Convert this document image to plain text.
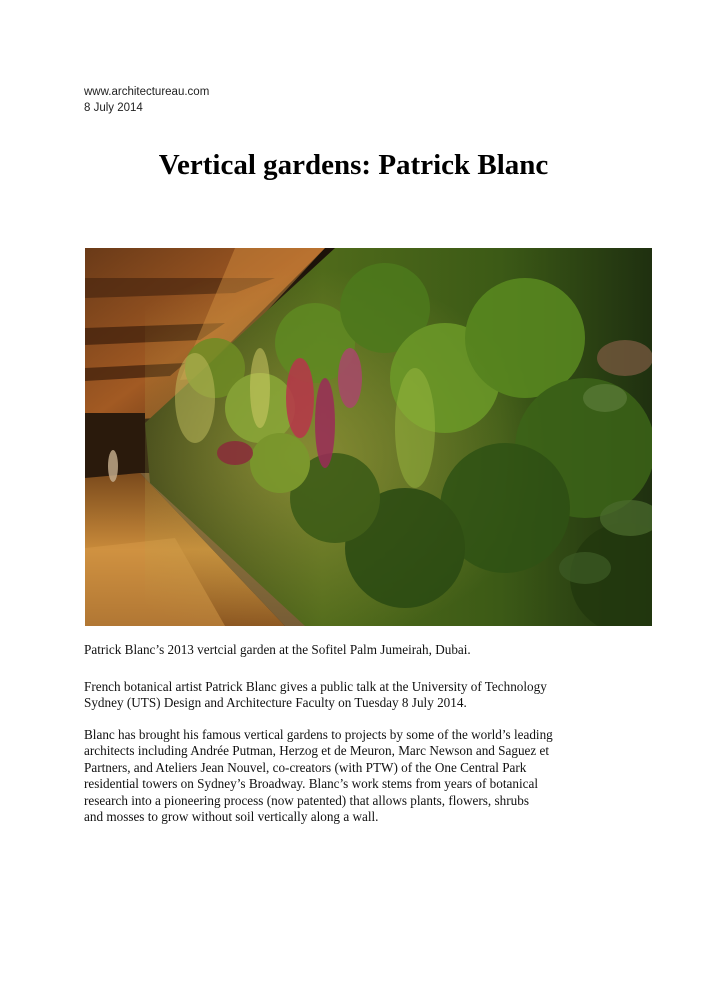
www.architectureau.com
8 July 2014
Vertical gardens: Patrick Blanc
Patrick Blanc’s 2013 vertcial garden at the Sofitel Palm Jumeirah, Dubai.
French botanical artist Patrick Blanc gives a public talk at the University of Technology
Sydney (UTS) Design and Architecture Faculty on Tuesday 8 July 2014.
Blanc has brought his famous vertical gardens to projects by some of the world’s leading
architects including Andrée Putman, Herzog et de Meuron, Marc Newson and Saguez et
Partners, and Ateliers Jean Nouvel, co-creators (with PTW) of the One Central Park
residential towers on Sydney’s Broadway. Blanc’s work stems from years of botanical
research into a pioneering process (now patented) that allows plants, flowers, shrubs
and mosses to grow without soil vertically along a wall.
